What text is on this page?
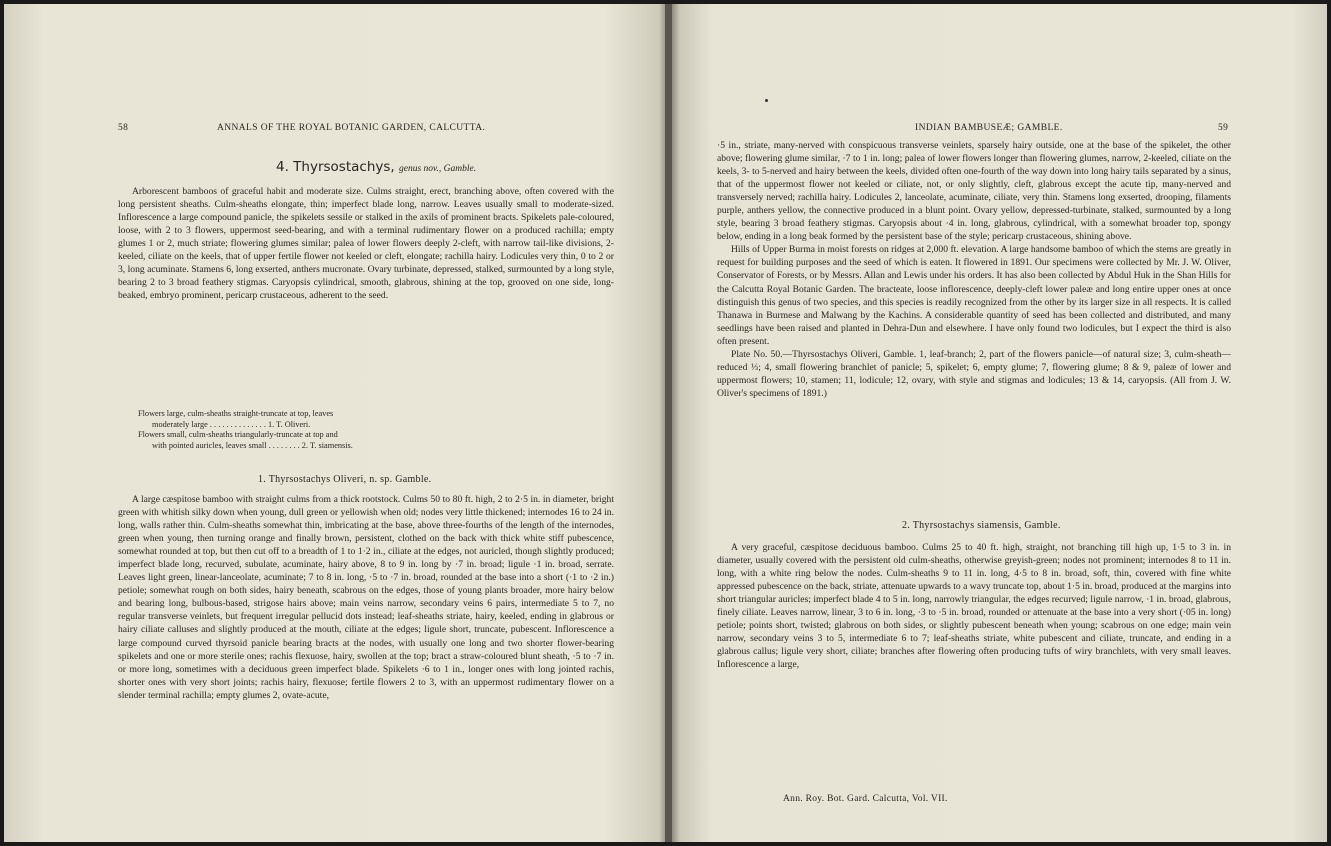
58	ANNALS OF THE ROYAL BOTANIC GARDEN, CALCUTTA.
4. Thyrsostachys, genus nov., Gamble.

Arborescent bamboos of graceful habit and moderate size. Culms straight, erect, branching above, often covered with the long persistent sheaths. Culm-sheaths elongate, thin; imperfect blade long, narrow. Leaves usually small to moderate-sized. Inflorescence a large compound panicle, the spikelets sessile or stalked in the axils of prominent bracts. Spikelets pale-coloured, loose, with 2 to 3 flowers, uppermost seed-bearing, and with a terminal rudimentary flower on a produced rachilla; empty glumes 1 or 2, much striate; flowering glumes similar; palea of lower flowers deeply 2-cleft, with narrow tail-like divisions, 2-keeled, ciliate on the keels, that of upper fertile flower not keeled or cleft, elongate; rachilla hairy. Lodicules very thin, 0 to 2 or 3, long acuminate. Stamens 6, long exserted, anthers mucronate. Ovary turbinate, depressed, stalked, surmounted by a long style, bearing 2 to 3 broad feathery stigmas. Caryopsis cylindrical, smooth, glabrous, shining at the top, grooved on one side, long-beaked, embryo prominent, pericarp crustaceous, adherent to the seed.

Flowers large, culm-sheaths straight-truncate at top, leaves
moderately large . . . . . . . . . . . . . . 1. T. Oliveri.
Flowers small, culm-sheaths triangularly-truncate at top and
with pointed auricles, leaves small . . . . . . . . 2. T. siamensis.
1. Thyrsostachys Oliveri, n. sp. Gamble.

A large cæspitose bamboo with straight culms from a thick rootstock. Culms 50 to 80 ft. high, 2 to 2·5 in. in diameter, bright green with whitish silky down when young, dull green or yellowish when old; nodes very little thickened; internodes 16 to 24 in. long, walls rather thin. Culm-sheaths somewhat thin, imbricating at the base, above three-fourths of the length of the internodes, green when young, then turning orange and finally brown, persistent, clothed on the back with thick white stiff pubescence, somewhat rounded at top, but then cut off to a breadth of 1 to 1·2 in., ciliate at the edges, not auricled, though slightly produced; imperfect blade long, recurved, subulate, acuminate, hairy above, 8 to 9 in. long by ·7 in. broad; ligule ·1 in. broad, serrate. Leaves light green, linear-lanceolate, acuminate; 7 to 8 in. long, ·5 to ·7 in. broad, rounded at the base into a short (·1 to ·2 in.) petiole; somewhat rough on both sides, hairy beneath, scabrous on the edges, those of young plants broader, more hairy below and bearing long, bulbous-based, strigose hairs above; main veins narrow, secondary veins 6 pairs, intermediate 5 to 7, no regular transverse veinlets, but frequent irregular pellucid dots instead; leaf-sheaths striate, hairy, keeled, ending in glabrous or hairy ciliate calluses and slightly produced at the mouth, ciliate at the edges; ligule short, truncate, pubescent. Inflorescence a large compound curved thyrsoid panicle bearing bracts at the nodes, with usually one long and two shorter flower-bearing spikelets and one or more sterile ones; rachis flexuose, hairy, swollen at the top; bract a straw-coloured blunt sheath, ·5 to ·7 in. or more long, sometimes with a deciduous green imperfect blade. Spikelets ·6 to 1 in., longer ones with long jointed rachis, shorter ones with very short joints; rachis hairy, flexuose; fertile flowers 2 to 3, with an uppermost rudimentary flower on a slender terminal rachilla; empty glumes 2, ovate-acute,

INDIAN BAMBUSEÆ; GAMBLE.	59

·5 in., striate, many-nerved with conspicuous transverse veinlets, sparsely hairy outside, one at the base of the spikelet, the other above; flowering glume similar, ·7 to 1 in. long; palea of lower flowers longer than flowering glumes, narrow, 2-keeled, ciliate on the keels, 3- to 5-nerved and hairy between the keels, divided often one-fourth of the way down into long hairy tails separated by a sinus, that of the uppermost flower not keeled or ciliate, not, or only slightly, cleft, glabrous except the acute tip, many-nerved and transversely nerved; rachilla hairy. Lodicules 2, lanceolate, acuminate, ciliate, very thin. Stamens long exserted, drooping, filaments purple, anthers yellow, the connective produced in a blunt point. Ovary yellow, depressed-turbinate, stalked, surmounted by a long style, bearing 3 broad feathery stigmas. Caryopsis about ·4 in. long, glabrous, cylindrical, with a somewhat broader top, spongy below, ending in a long beak formed by the persistent base of the style; pericarp crustaceous, shining above.

Hills of Upper Burma in moist forests on ridges at 2,000 ft. elevation. A large handsome bamboo of which the stems are greatly in request for building purposes and the seed of which is eaten. It flowered in 1891. Our specimens were collected by Mr. J. W. Oliver, Conservator of Forests, or by Messrs. Allan and Lewis under his orders. It has also been collected by Abdul Huk in the Shan Hills for the Calcutta Royal Botanic Garden. The bracteate, loose inflorescence, deeply-cleft lower paleæ and long entire upper ones at once distinguish this genus of two species, and this species is readily recognized from the other by its larger size in all respects. It is called Thanawa in Burmese and Malwang by the Kachins. A considerable quantity of seed has been collected and distributed, and many seedlings have been raised and planted in Dehra-Dun and elsewhere. I have only found two lodicules, but I expect the third is also often present.

Plate No. 50.—Thyrsostachys Oliveri, Gamble. 1, leaf-branch; 2, part of the flowers panicle—of natural size; 3, culm-sheath—reduced ⅓; 4, small flowering branchlet of panicle; 5, spikelet; 6, empty glume; 7, flowering glume; 8 & 9, paleæ of lower and uppermost flowers; 10, stamen; 11, lodicule; 12, ovary, with style and stigmas and lodicules; 13 & 14, caryopsis. (All from J. W. Oliver's specimens of 1891.)

2. Thyrsostachys siamensis, Gamble.

A very graceful, cæspitose deciduous bamboo. Culms 25 to 40 ft. high, straight, not branching till high up, 1·5 to 3 in. in diameter, usually covered with the persistent old culm-sheaths, otherwise greyish-green; nodes not prominent; internodes 8 to 11 in. long, with a white ring below the nodes. Culm-sheaths 9 to 11 in. long, 4·5 to 8 in. broad, soft, thin, covered with fine white appressed pubescence on the back, striate, attenuate upwards to a wavy truncate top, about 1·5 in. broad, produced at the margins into short triangular auricles; imperfect blade 4 to 5 in. long, narrowly triangular, the edges recurved; ligule narrow, ·1 in. broad, glabrous, finely ciliate. Leaves narrow, linear, 3 to 6 in. long, ·3 to ·5 in. broad, rounded or attenuate at the base into a very short (·05 in. long) petiole; points short, twisted; glabrous on both sides, or slightly pubescent beneath when young; scabrous on one edge; main vein narrow, secondary veins 3 to 5, intermediate 6 to 7; leaf-sheaths striate, white pubescent and ciliate, truncate, and ending in a glabrous callus; ligule very short, ciliate; branches after flowering often producing tufts of wiry branchlets, with very small leaves. Inflorescence a large,

Ann. Roy. Bot. Gard. Calcutta, Vol. VII.
